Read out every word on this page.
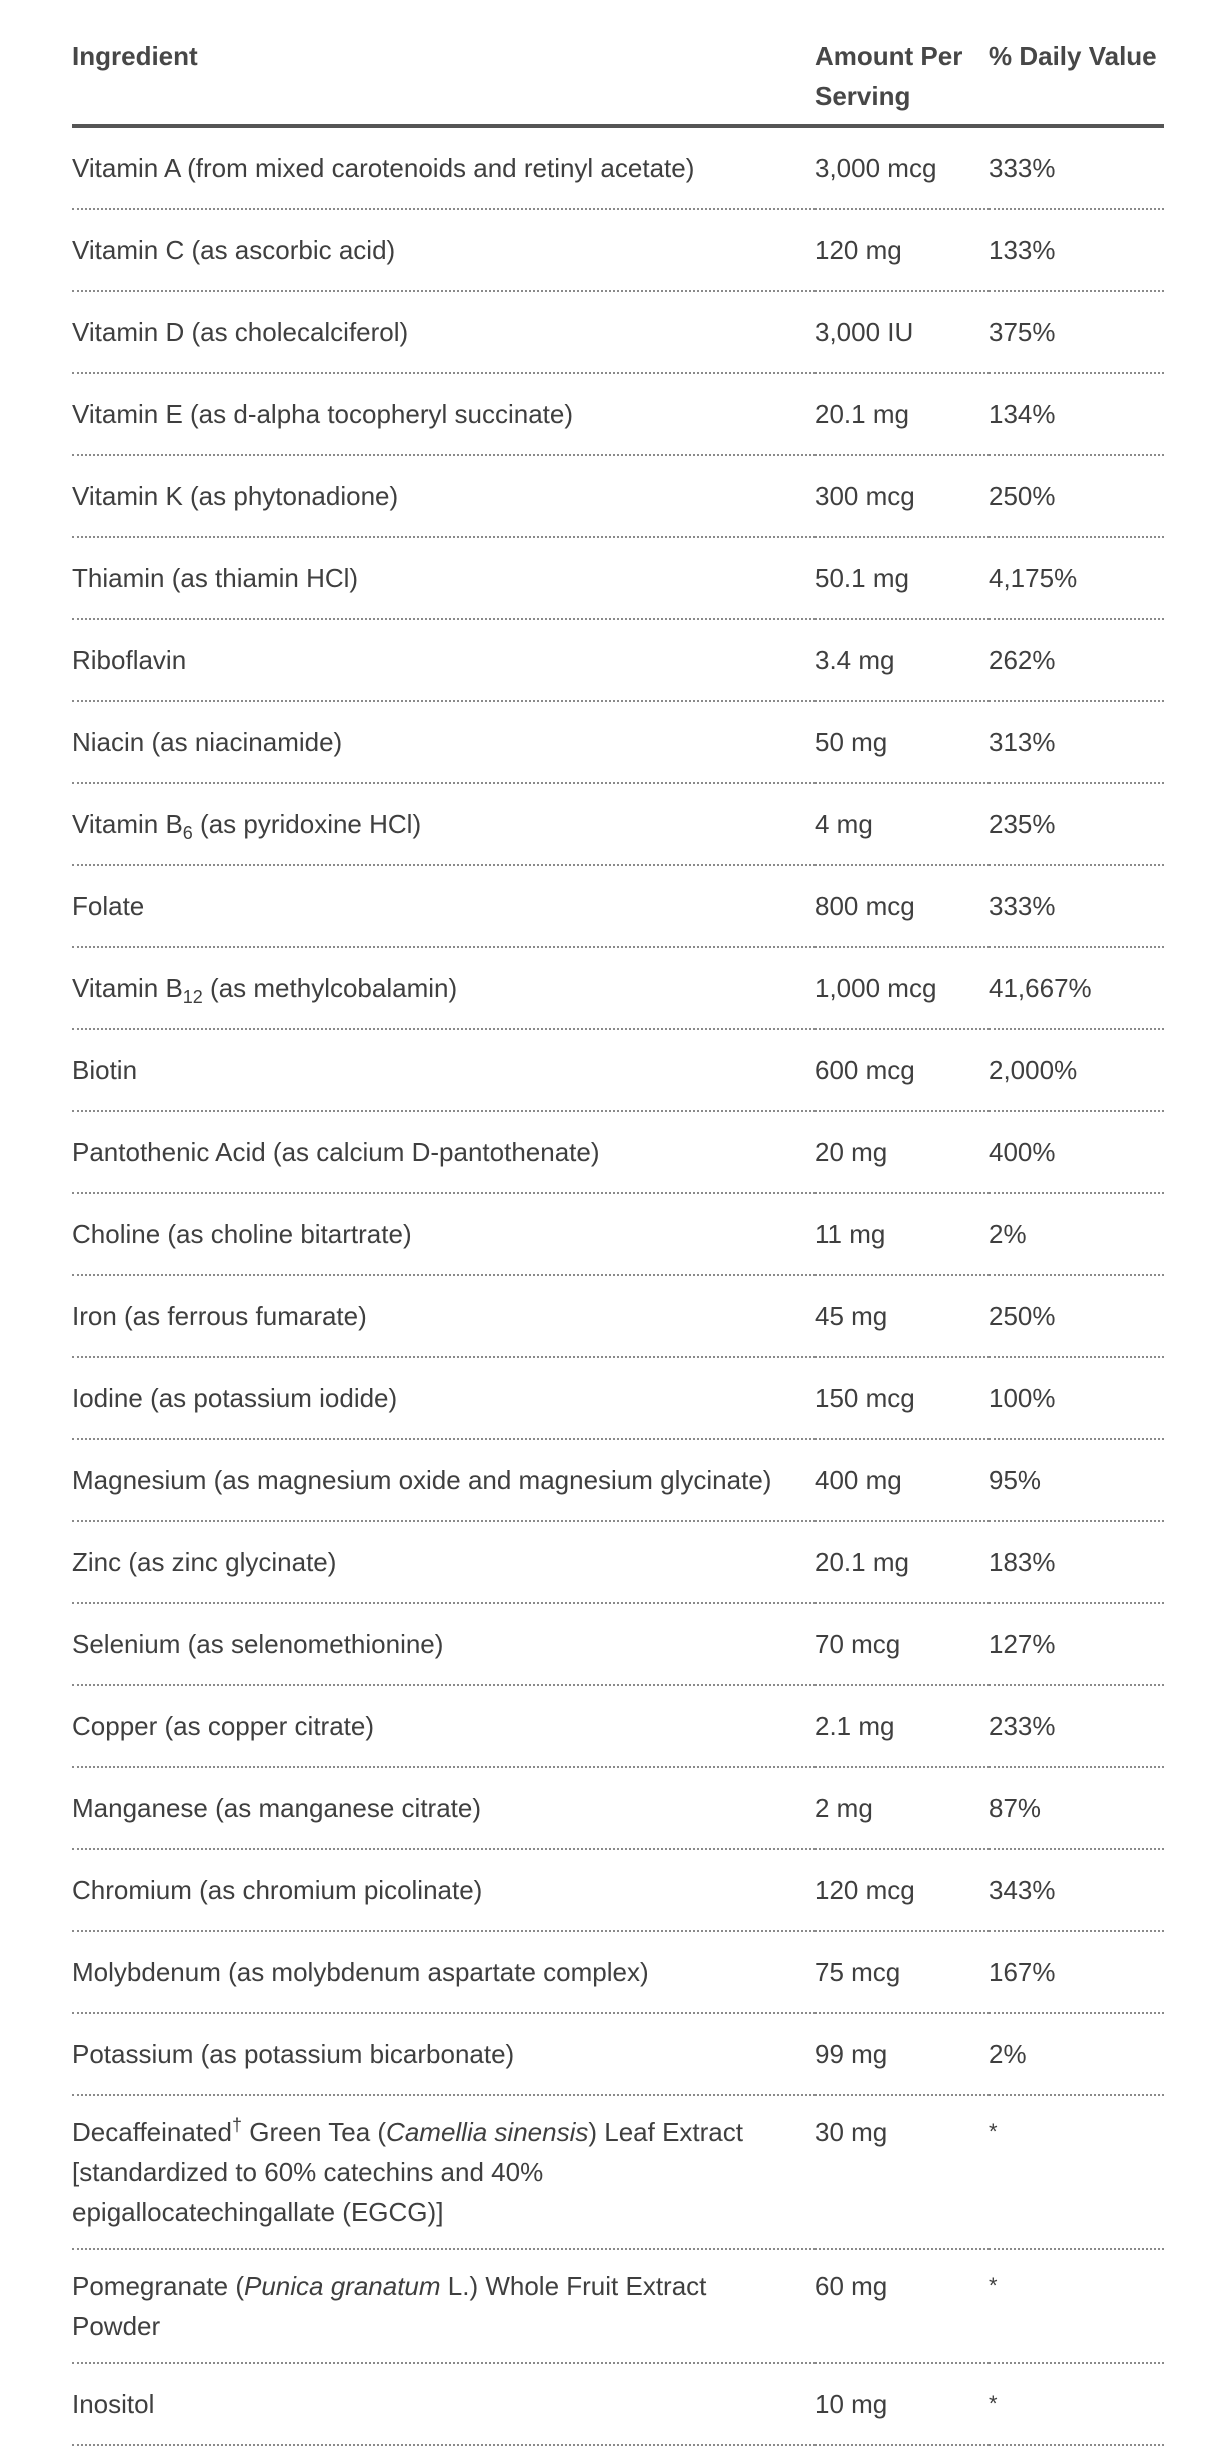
Ingredient	Amount Per Serving	% Daily Value
Vitamin A (from mixed carotenoids and retinyl acetate)	3,000 mcg	333%
Vitamin C (as ascorbic acid)	120 mg	133%
Vitamin D (as cholecalciferol)	3,000 IU	375%
Vitamin E (as d-alpha tocopheryl succinate)	20.1 mg	134%
Vitamin K (as phytonadione)	300 mcg	250%
Thiamin (as thiamin HCl)	50.1 mg	4,175%
Riboflavin	3.4 mg	262%
Niacin (as niacinamide)	50 mg	313%
Vitamin $B_6$ (as pyridoxine HCl)	4 mg	235%
Folate	800 mcg	333%
Vitamin $B_{12}$ (as methylcobalamin)	1,000 mcg	41,667%
Biotin	600 mcg	2,000%
Pantothenic Acid (as calcium D-pantothenate)	20 mg	400%
Choline (as choline bitartrate)	11 mg	2%
Iron (as ferrous fumarate)	45 mg	250%
Iodine (as potassium iodide)	150 mcg	100%
Magnesium (as magnesium oxide and magnesium glycinate)	400 mg	95%
Zinc (as zinc glycinate)	20.1 mg	183%
Selenium (as selenomethionine)	70 mcg	127%
Copper (as copper citrate)	2.1 mg	233%
Manganese (as manganese citrate)	2 mg	87%
Chromium (as chromium picolinate)	120 mcg	343%
Molybdenum (as molybdenum aspartate complex)	75 mcg	167%
Potassium (as potassium bicarbonate)	99 mg	2%
Decaffeinated† Green Tea (Camellia sinensis) Leaf Extract [standardized to 60% catechins and 40% epigallocatechingallate (EGCG)]	30 mg	*
Pomegranate (Punica granatum L.) Whole Fruit Extract Powder	60 mg	*
Inositol	10 mg	*
